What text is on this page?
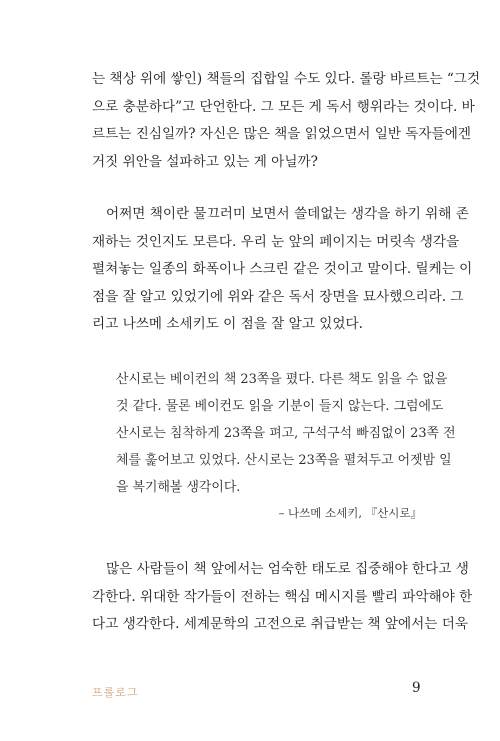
는 책상 위에 쌓인) 책들의 집합일 수도 있다. 롤랑 바르트는 “그것
으로 충분하다”고 단언한다. 그 모든 게 독서 행위라는 것이다. 바
르트는 진심일까? 자신은 많은 책을 읽었으면서 일반 독자들에겐
거짓 위안을 설파하고 있는 게 아닐까?

어쩌면 책이란 물끄러미 보면서 쓸데없는 생각을 하기 위해 존
재하는 것인지도 모른다. 우리 눈 앞의 페이지는 머릿속 생각을
펼쳐놓는 일종의 화폭이나 스크린 같은 것이고 말이다. 릴케는 이
점을 잘 알고 있었기에 위와 같은 독서 장면을 묘사했으리라. 그
리고 나쓰메 소세키도 이 점을 잘 알고 있었다.

산시로는 베이컨의 책 23쪽을 폈다. 다른 책도 읽을 수 없을
것 같다. 물론 베이컨도 읽을 기분이 들지 않는다. 그럼에도
산시로는 침착하게 23쪽을 펴고, 구석구석 빠짐없이 23쪽 전
체를 훑어보고 있었다. 산시로는 23쪽을 펼쳐두고 어젯밤 일
을 복기해볼 생각이다.

– 나쓰메 소세키, 『산시로』

많은 사람들이 책 앞에서는 엄숙한 태도로 집중해야 한다고 생
각한다. 위대한 작가들이 전하는 핵심 메시지를 빨리 파악해야 한
다고 생각한다. 세계문학의 고전으로 취급받는 책 앞에서는 더욱

프롤로그	9
